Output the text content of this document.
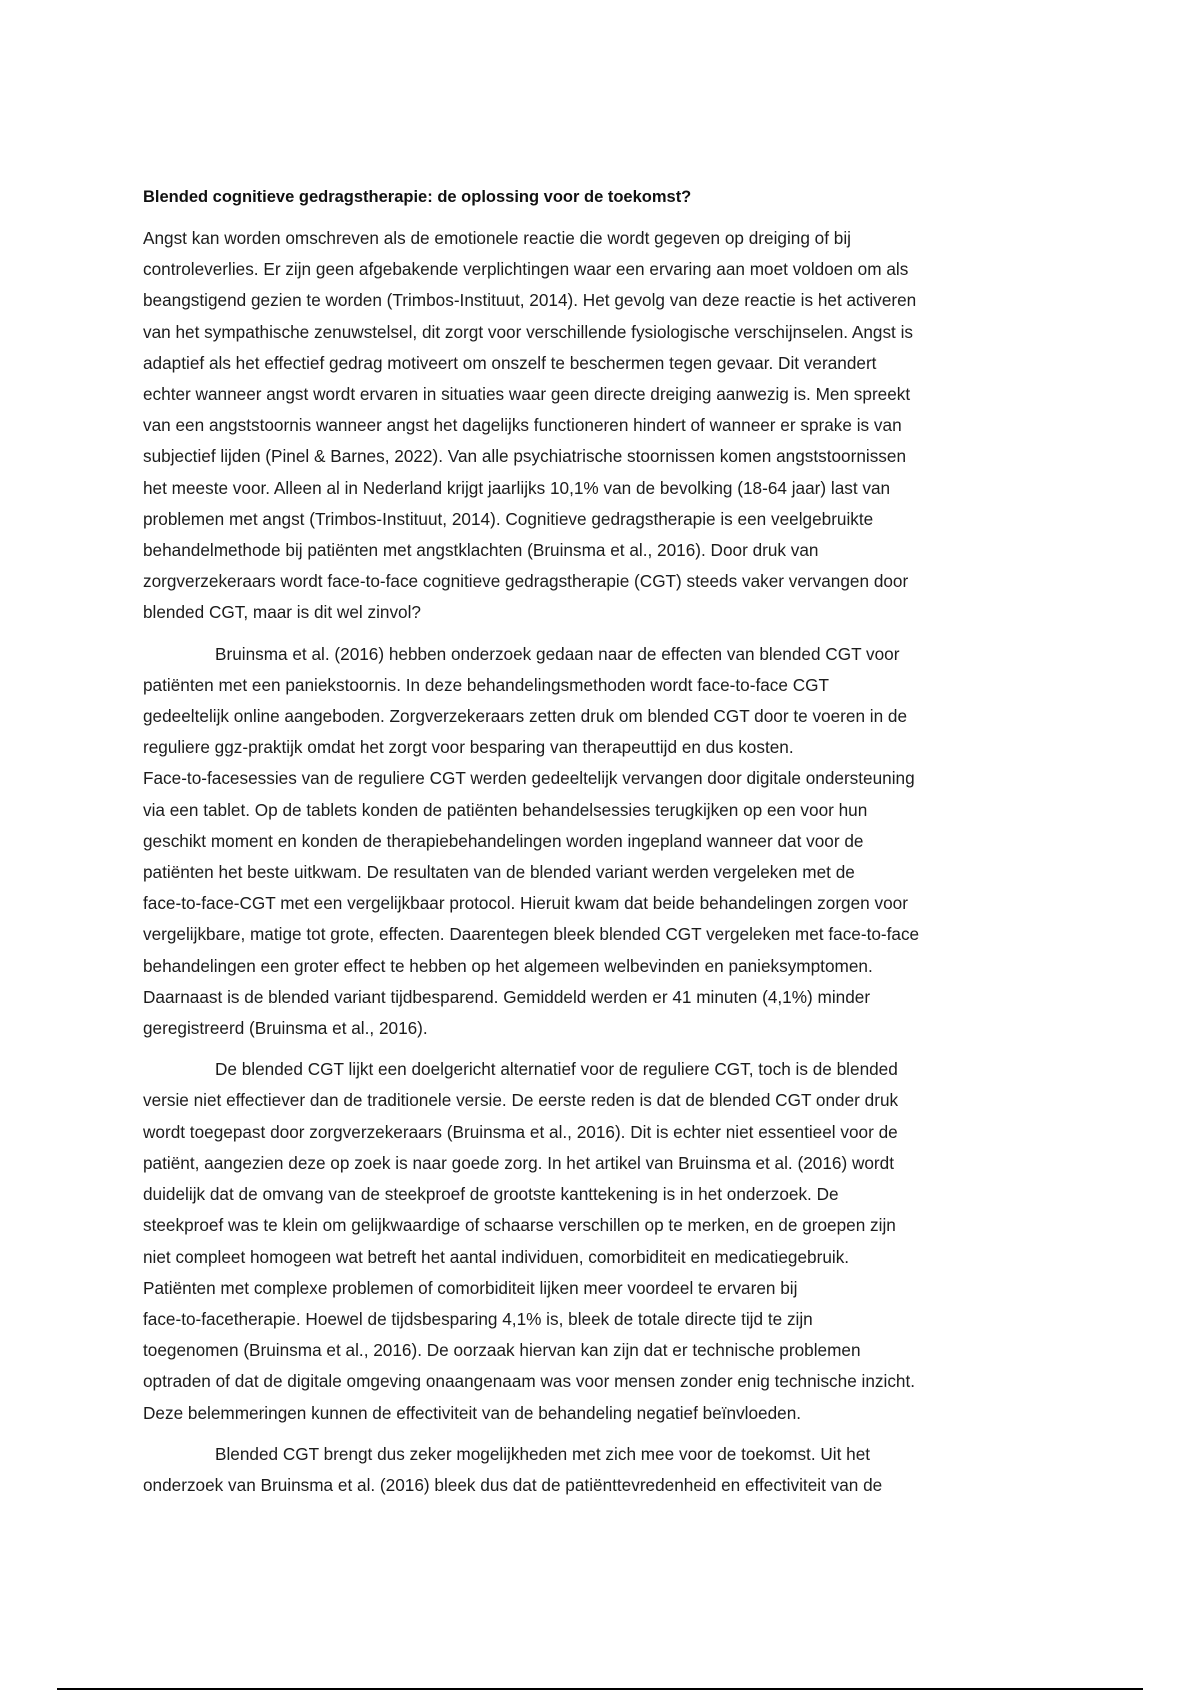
Blended cognitieve gedragstherapie: de oplossing voor de toekomst?

Angst kan worden omschreven als de emotionele reactie die wordt gegeven op dreiging of bij
controleverlies. Er zijn geen afgebakende verplichtingen waar een ervaring aan moet voldoen om als
beangstigend gezien te worden (Trimbos-Instituut, 2014). Het gevolg van deze reactie is het activeren
van het sympathische zenuwstelsel, dit zorgt voor verschillende fysiologische verschijnselen. Angst is
adaptief als het effectief gedrag motiveert om onszelf te beschermen tegen gevaar. Dit verandert
echter wanneer angst wordt ervaren in situaties waar geen directe dreiging aanwezig is. Men spreekt
van een angststoornis wanneer angst het dagelijks functioneren hindert of wanneer er sprake is van
subjectief lijden (Pinel & Barnes, 2022). Van alle psychiatrische stoornissen komen angststoornissen
het meeste voor. Alleen al in Nederland krijgt jaarlijks 10,1% van de bevolking (18-64 jaar) last van
problemen met angst (Trimbos-Instituut, 2014). Cognitieve gedragstherapie is een veelgebruikte
behandelmethode bij patiënten met angstklachten (Bruinsma et al., 2016). Door druk van
zorgverzekeraars wordt face-to-face cognitieve gedragstherapie (CGT) steeds vaker vervangen door
blended CGT, maar is dit wel zinvol?

Bruinsma et al. (2016) hebben onderzoek gedaan naar de effecten van blended CGT voor
patiënten met een paniekstoornis. In deze behandelingsmethoden wordt face-to-face CGT
gedeeltelijk online aangeboden. Zorgverzekeraars zetten druk om blended CGT door te voeren in de
reguliere ggz-praktijk omdat het zorgt voor besparing van therapeuttijd en dus kosten.
Face-to-facesessies van de reguliere CGT werden gedeeltelijk vervangen door digitale ondersteuning
via een tablet. Op de tablets konden de patiënten behandelsessies terugkijken op een voor hun
geschikt moment en konden de therapiebehandelingen worden ingepland wanneer dat voor de
patiënten het beste uitkwam. De resultaten van de blended variant werden vergeleken met de
face-to-face-CGT met een vergelijkbaar protocol. Hieruit kwam dat beide behandelingen zorgen voor
vergelijkbare, matige tot grote, effecten. Daarentegen bleek blended CGT vergeleken met face-to-face
behandelingen een groter effect te hebben op het algemeen welbevinden en panieksymptomen.
Daarnaast is de blended variant tijdbesparend. Gemiddeld werden er 41 minuten (4,1%) minder
geregistreerd (Bruinsma et al., 2016).

De blended CGT lijkt een doelgericht alternatief voor de reguliere CGT, toch is de blended
versie niet effectiever dan de traditionele versie. De eerste reden is dat de blended CGT onder druk
wordt toegepast door zorgverzekeraars (Bruinsma et al., 2016). Dit is echter niet essentieel voor de
patiënt, aangezien deze op zoek is naar goede zorg. In het artikel van Bruinsma et al. (2016) wordt
duidelijk dat de omvang van de steekproef de grootste kanttekening is in het onderzoek. De
steekproef was te klein om gelijkwaardige of schaarse verschillen op te merken, en de groepen zijn
niet compleet homogeen wat betreft het aantal individuen, comorbiditeit en medicatiegebruik.
Patiënten met complexe problemen of comorbiditeit lijken meer voordeel te ervaren bij
face-to-facetherapie. Hoewel de tijdsbesparing 4,1% is, bleek de totale directe tijd te zijn
toegenomen (Bruinsma et al., 2016). De oorzaak hiervan kan zijn dat er technische problemen
optraden of dat de digitale omgeving onaangenaam was voor mensen zonder enig technische inzicht.
Deze belemmeringen kunnen de effectiviteit van de behandeling negatief beïnvloeden.

Blended CGT brengt dus zeker mogelijkheden met zich mee voor de toekomst. Uit het
onderzoek van Bruinsma et al. (2016) bleek dus dat de patiënttevredenheid en effectiviteit van de
